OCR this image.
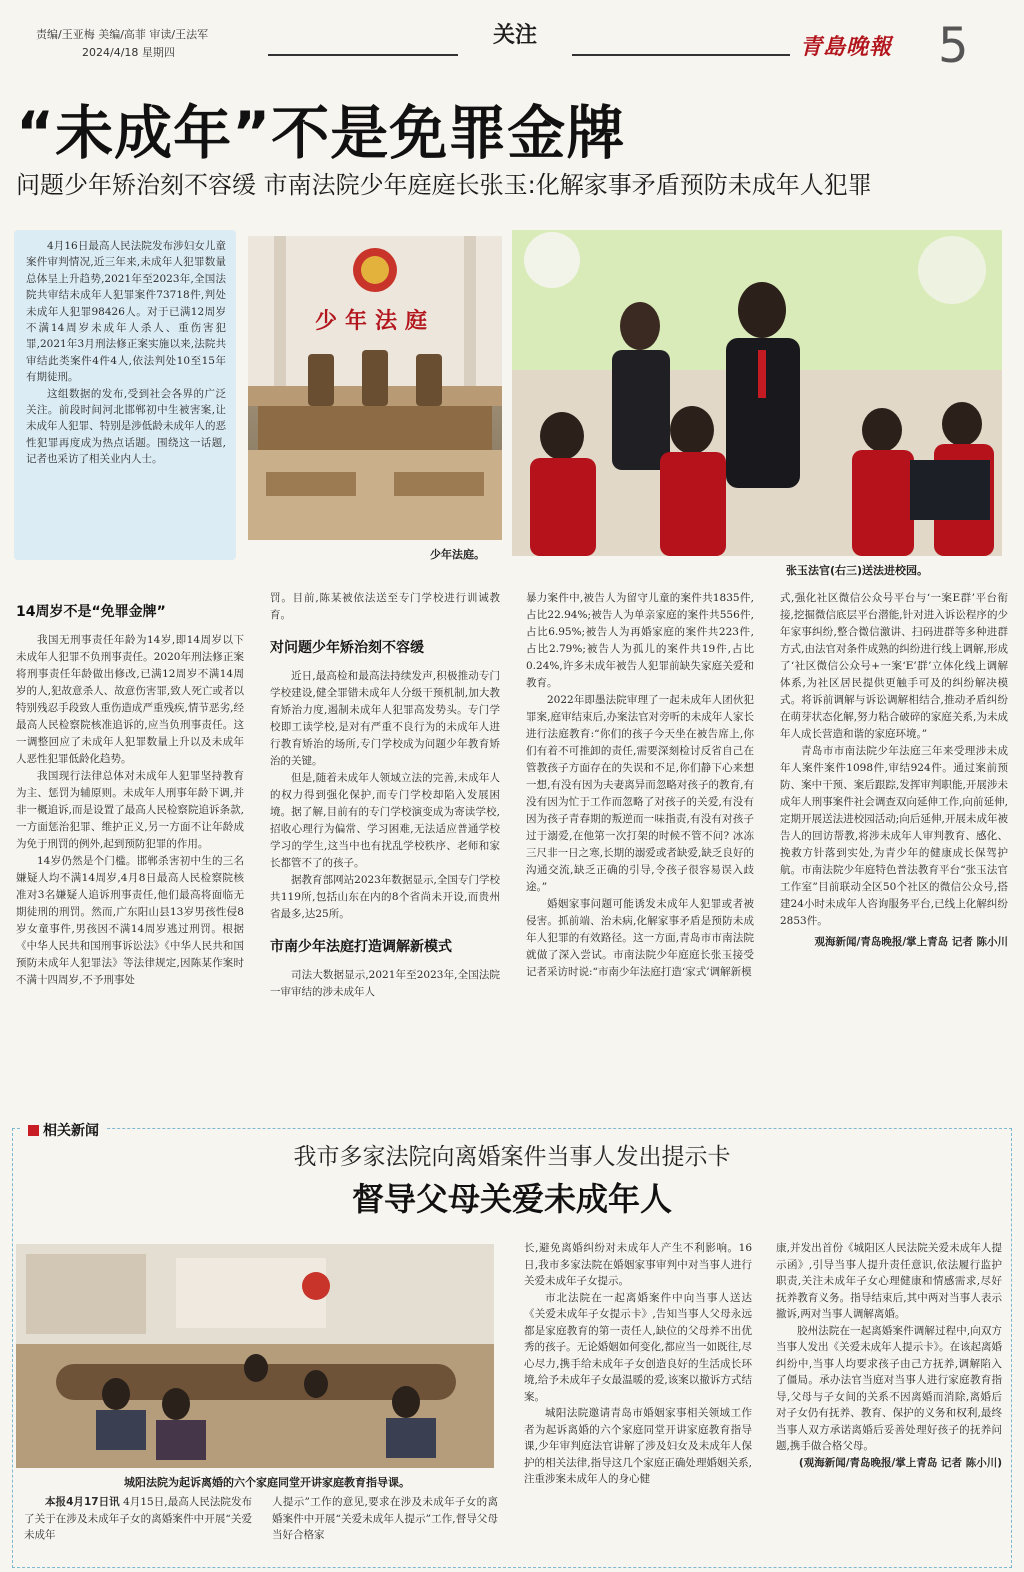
责编/王亚梅 美编/高菲 审读/王法军
2024/4/18 星期四
关注	青島晚報 5
“未成年”不是免罪金牌
问题少年矫治刻不容缓 市南法院少年庭庭长张玉:化解家事矛盾预防未成年人犯罪

4月16日最高人民法院发布涉妇女儿童案件审判情况,近三年来,未成年人犯罪数量总体呈上升趋势,2021年至2023年,全国法院共审结未成年人犯罪案件73718件,判处未成年人犯罪98426人。对于已满12周岁不满14周岁未成年人杀人、重伤害犯罪,2021年3月刑法修正案实施以来,法院共审结此类案件4件4人,依法判处10至15年有期徒刑。

这组数据的发布,受到社会各界的广泛关注。前段时间河北邯郸初中生被害案,让未成年人犯罪、特别是涉低龄未成年人的恶性犯罪再度成为热点话题。围绕这一话题,记者也采访了相关业内人士。

少年法庭
少年法庭。
张玉法官(右三)送法进校园。
14周岁不是“免罪金牌”

我国无刑事责任年龄为14岁,即14周岁以下未成年人犯罪不负刑事责任。2020年刑法修正案将刑事责任年龄做出修改,已满12周岁不满14周岁的人,犯故意杀人、故意伤害罪,致人死亡或者以特别残忍手段致人重伤造成严重残疾,情节恶劣,经最高人民检察院核准追诉的,应当负刑事责任。这一调整回应了未成年人犯罪数量上升以及未成年人恶性犯罪低龄化趋势。

我国现行法律总体对未成年人犯罪坚持教育为主、惩罚为辅原则。未成年人刑事年龄下调,并非一概追诉,而是设置了最高人民检察院追诉条款,一方面惩治犯罪、维护正义,另一方面不让年龄成为免于刑罚的例外,起到预防犯罪的作用。

14岁仍然是个门槛。邯郸杀害初中生的三名嫌疑人均不满14周岁,4月8日最高人民检察院核准对3名嫌疑人追诉刑事责任,他们最高将面临无期徒刑的刑罚。然而,广东阳山县13岁男孩性侵8岁女童事件,男孩因不满14周岁逃过刑罚。根据《中华人民共和国刑事诉讼法》《中华人民共和国预防未成年人犯罪法》等法律规定,因陈某作案时不满十四周岁,不予刑事处

罚。目前,陈某被依法送至专门学校进行训诫教育。

对问题少年矫治刻不容缓

近日,最高检和最高法持续发声,积极推动专门学校建设,健全罪错未成年人分级干预机制,加大教育矫治力度,遏制未成年人犯罪高发势头。专门学校即工读学校,是对有严重不良行为的未成年人进行教育矫治的场所,专门学校成为问题少年教育矫治的关键。

但是,随着未成年人领域立法的完善,未成年人的权力得到强化保护,而专门学校却陷入发展困境。据了解,目前有的专门学校演变成为寄读学校,招收心理行为偏常、学习困难,无法适应普通学校学习的学生,这当中也有扰乱学校秩序、老师和家长都管不了的孩子。

据教育部网站2023年数据显示,全国专门学校共119所,包括山东在内的8个省尚未开设,而贵州省最多,达25所。

市南少年法庭打造调解新模式

司法大数据显示,2021年至2023年,全国法院一审审结的涉未成年人

暴力案件中,被告人为留守儿童的案件共1835件,占比22.94%;被告人为单亲家庭的案件共556件,占比6.95%;被告人为再婚家庭的案件共223件,占比2.79%;被告人为孤儿的案件共19件,占比0.24%,许多未成年被告人犯罪前缺失家庭关爱和教育。

2022年即墨法院审理了一起未成年人团伙犯罪案,庭审结束后,办案法官对旁听的未成年人家长进行法庭教育:“你们的孩子今天坐在被告席上,你们有着不可推卸的责任,需要深刻检讨反省自己在管教孩子方面存在的失误和不足,你们静下心来想一想,有没有因为夫妻离异而忽略对孩子的教育,有没有因为忙于工作而忽略了对孩子的关爱,有没有因为孩子青春期的叛逆而一味指责,有没有对孩子过于溺爱,在他第一次打架的时候不管不问? 冰冻三尺非一日之寒,长期的溺爱或者缺爱,缺乏良好的沟通交流,缺乏正确的引导,令孩子很容易误入歧途。”

婚姻家事问题可能诱发未成年人犯罪或者被侵害。抓前端、治未病,化解家事矛盾是预防未成年人犯罪的有效路径。这一方面,青岛市市南法院就做了深入尝试。市南法院少年庭庭长张玉接受记者采访时说:“市南少年法庭打造‘家式’调解新模

式,强化社区微信公众号平台与‘一案E群’平台衔接,挖掘微信底层平台潜能,针对进入诉讼程序的少年家事纠纷,整合微信激讲、扫码进群等多种进群方式,由法官对条件成熟的纠纷进行线上调解,形成了‘社区微信公众号+一案‘E’群’立体化线上调解体系,为社区居民提供更触手可及的纠纷解决模式。将诉前调解与诉讼调解相结合,推动矛盾纠纷在萌芽状态化解,努力粘合破碎的家庭关系,为未成年人成长营造和谐的家庭环境。”

青岛市市南法院少年法庭三年来受理涉未成年人案件案件1098件,审结924件。通过案前预防、案中干预、案后跟踪,发挥审判职能,开展涉未成年人刑事案件社会调查双向延伸工作,向前延伸,定期开展送法进校园活动;向后延伸,开展未成年被告人的回访帮教,将涉未成年人审判教育、感化、挽救方针落到实处,为青少年的健康成长保驾护航。市南法院少年庭特色普法教育平台“张玉法官工作室”目前联动全区50个社区的微信公众号,搭建24小时未成年人咨询服务平台,已线上化解纠纷2853件。

观海新闻/青岛晚报/掌上青岛 记者 陈小川

相关新闻
我市多家法院向离婚案件当事人发出提示卡
督导父母关爱未成年人
城阳法院为起诉离婚的六个家庭同堂开讲家庭教育指导课。

本报4月17日讯 4月15日,最高人民法院发布了关于在涉及未成年子女的离婚案件中开展“关爱未成年

人提示”工作的意见,要求在涉及未成年子女的离婚案件中开展“关爱未成年人提示”工作,督导父母当好合格家

长,避免离婚纠纷对未成年人产生不利影响。16日,我市多家法院在婚姻家事审判中对当事人进行关爱未成年子女提示。

市北法院在一起离婚案件中向当事人送达《关爱未成年子女提示卡》,告知当事人父母永远都是家庭教育的第一责任人,缺位的父母养不出优秀的孩子。无论婚姻如何变化,都应当一如既往,尽心尽力,携手给未成年子女创造良好的生活成长环境,给予未成年子女最温暖的爱,该案以撤诉方式结案。

城阳法院邀请青岛市婚姻家事相关领域工作者为起诉离婚的六个家庭同堂开讲家庭教育指导课,少年审判庭法官讲解了涉及妇女及未成年人保护的相关法律,指导这几个家庭正确处理婚姻关系,注重涉案未成年人的身心健

康,并发出首份《城阳区人民法院关爱未成年人提示函》,引导当事人提升责任意识,依法履行监护职责,关注未成年子女心理健康和情感需求,尽好抚养教育义务。指导结束后,其中两对当事人表示撤诉,两对当事人调解离婚。

胶州法院在一起离婚案件调解过程中,向双方当事人发出《关爱未成年人提示卡》。在该起离婚纠纷中,当事人均要求孩子由己方抚养,调解陷入了僵局。承办法官当庭对当事人进行家庭教育指导,父母与子女间的关系不因离婚而消除,离婚后对子女仍有抚养、教育、保护的义务和权利,最终当事人双方承诺离婚后妥善处理好孩子的抚养问题,携手做合格父母。

(观海新闻/青岛晚报/掌上青岛 记者 陈小川)
